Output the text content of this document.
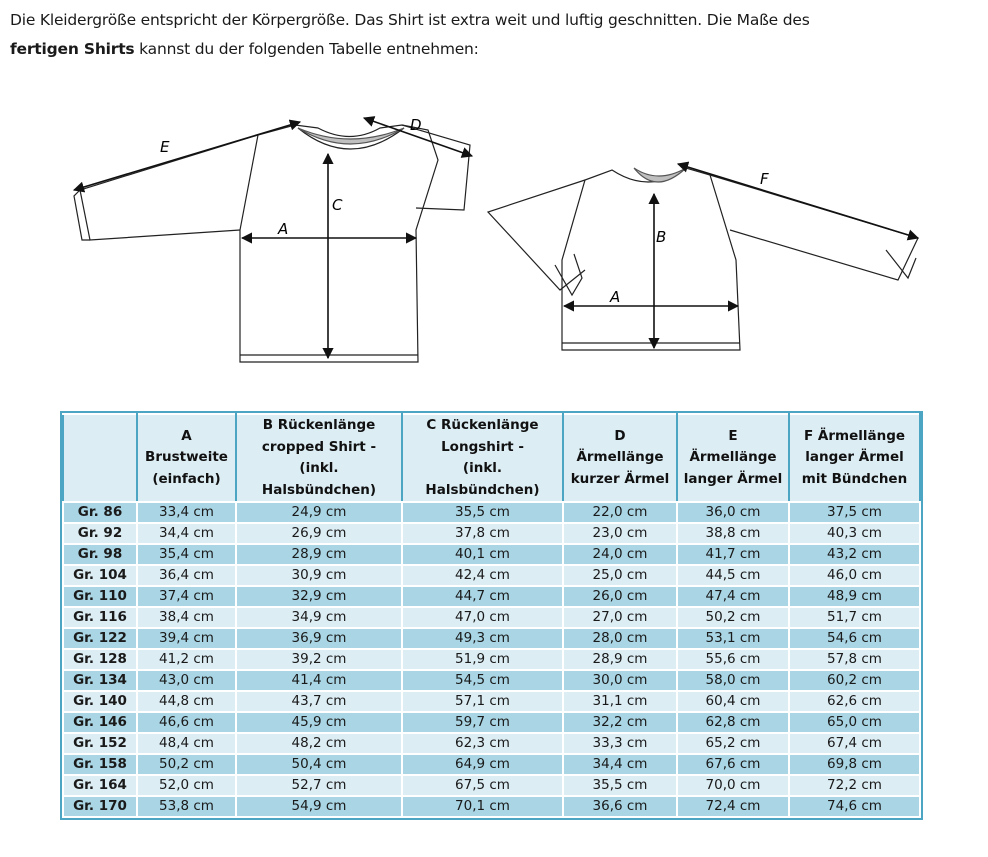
Die Kleidergröße entspricht der Körpergröße. Das Shirt ist extra weit und luftig geschnitten. Die Maße des
fertigen Shirts kannst du der folgenden Tabelle entnehmen:
E
D
C
A
F
B
A
	A
Brustweite
(einfach)	B Rückenlänge
cropped Shirt -
(inkl.
Halsbündchen)	C Rückenlänge
Longshirt -
(inkl.
Halsbündchen)	D
Ärmellänge
kurzer Ärmel	E
Ärmellänge
langer Ärmel	F Ärmellänge
langer Ärmel
mit Bündchen
Gr. 86	33,4 cm	24,9 cm	35,5 cm	22,0 cm	36,0 cm	37,5 cm
Gr. 92	34,4 cm	26,9 cm	37,8 cm	23,0 cm	38,8 cm	40,3 cm
Gr. 98	35,4 cm	28,9 cm	40,1 cm	24,0 cm	41,7 cm	43,2 cm
Gr. 104	36,4 cm	30,9 cm	42,4 cm	25,0 cm	44,5 cm	46,0 cm
Gr. 110	37,4 cm	32,9 cm	44,7 cm	26,0 cm	47,4 cm	48,9 cm
Gr. 116	38,4 cm	34,9 cm	47,0 cm	27,0 cm	50,2 cm	51,7 cm
Gr. 122	39,4 cm	36,9 cm	49,3 cm	28,0 cm	53,1 cm	54,6 cm
Gr. 128	41,2 cm	39,2 cm	51,9 cm	28,9 cm	55,6 cm	57,8 cm
Gr. 134	43,0 cm	41,4 cm	54,5 cm	30,0 cm	58,0 cm	60,2 cm
Gr. 140	44,8 cm	43,7 cm	57,1 cm	31,1 cm	60,4 cm	62,6 cm
Gr. 146	46,6 cm	45,9 cm	59,7 cm	32,2 cm	62,8 cm	65,0 cm
Gr. 152	48,4 cm	48,2 cm	62,3 cm	33,3 cm	65,2 cm	67,4 cm
Gr. 158	50,2 cm	50,4 cm	64,9 cm	34,4 cm	67,6 cm	69,8 cm
Gr. 164	52,0 cm	52,7 cm	67,5 cm	35,5 cm	70,0 cm	72,2 cm
Gr. 170	53,8 cm	54,9 cm	70,1 cm	36,6 cm	72,4 cm	74,6 cm
